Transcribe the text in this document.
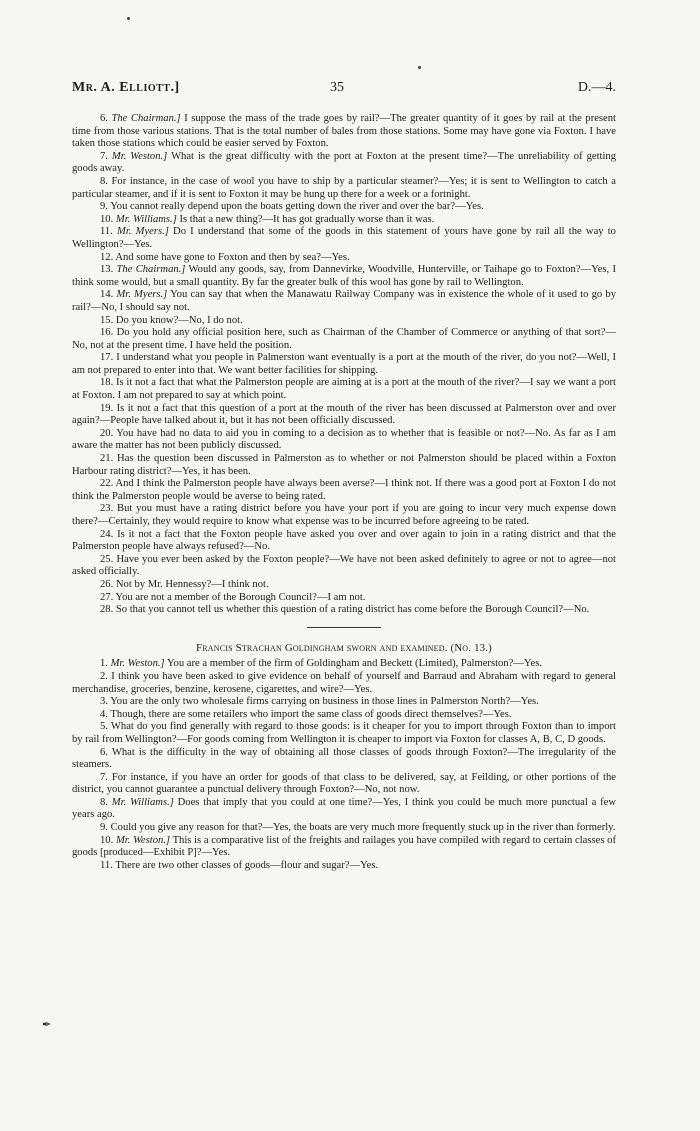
Mr. A. Elliott.]	35	D.—4.

6. The Chairman.] I suppose the mass of the trade goes by rail?—The greater quantity of it goes by rail at the present time from those various stations. That is the total number of bales from those stations. Some may have gone via Foxton. I have taken those stations which could be easier served by Foxton.

7. Mr. Weston.] What is the great difficulty with the port at Foxton at the present time?—The unreliability of getting goods away.

8. For instance, in the case of wool you have to ship by a particular steamer?—Yes; it is sent to Wellington to catch a particular steamer, and if it is sent to Foxton it may be hung up there for a week or a fortnight.

9. You cannot really depend upon the boats getting down the river and over the bar?—Yes.

10. Mr. Williams.] Is that a new thing?—It has got gradually worse than it was.

11. Mr. Myers.] Do I understand that some of the goods in this statement of yours have gone by rail all the way to Wellington?—Yes.

12. And some have gone to Foxton and then by sea?—Yes.

13. The Chairman.] Would any goods, say, from Dannevirke, Woodville, Hunterville, or Taihape go to Foxton?—Yes, I think some would, but a small quantity. By far the greater bulk of this wool has gone by rail to Wellington.

14. Mr. Myers.] You can say that when the Manawatu Railway Company was in existence the whole of it used to go by rail?—No, I should say not.

15. Do you know?—No, I do not.

16. Do you hold any official position here, such as Chairman of the Chamber of Commerce or anything of that sort?—No, not at the present time. I have held the position.

17. I understand what you people in Palmerston want eventually is a port at the mouth of the river, do you not?—Well, I am not prepared to enter into that. We want better facilities for shipping.

18. Is it not a fact that what the Palmerston people are aiming at is a port at the mouth of the river?—I say we want a port at Foxton. I am not prepared to say at which point.

19. Is it not a fact that this question of a port at the mouth of the river has been discussed at Palmerston over and over again?—People have talked about it, but it has not been officially discussed.

20. You have had no data to aid you in coming to a decision as to whether that is feasible or not?—No. As far as I am aware the matter has not been publicly discussed.

21. Has the question been discussed in Palmerston as to whether or not Palmerston should be placed within a Foxton Harbour rating district?—Yes, it has been.

22. And I think the Palmerston people have always been averse?—I think not. If there was a good port at Foxton I do not think the Palmerston people would be averse to being rated.

23. But you must have a rating district before you have your port if you are going to incur very much expense down there?—Certainly, they would require to know what expense was to be incurred before agreeing to be rated.

24. Is it not a fact that the Foxton people have asked you over and over again to join in a rating district and that the Palmerston people have always refused?—No.

25. Have you ever been asked by the Foxton people?—We have not been asked definitely to agree or not to agree—not asked officially.

26. Not by Mr. Hennessy?—I think not.

27. You are not a member of the Borough Council?—I am not.

28. So that you cannot tell us whether this question of a rating district has come before the Borough Council?—No.

Francis Strachan Goldingham sworn and examined. (No. 13.)

1. Mr. Weston.] You are a member of the firm of Goldingham and Beckett (Limited), Palmerston?—Yes.

2. I think you have been asked to give evidence on behalf of yourself and Barraud and Abraham with regard to general merchandise, groceries, benzine, kerosene, cigarettes, and wire?—Yes.

3. You are the only two wholesale firms carrying on business in those lines in Palmerston North?—Yes.

4. Though, there are some retailers who import the same class of goods direct themselves?—Yes.

5. What do you find generally with regard to those goods: is it cheaper for you to import through Foxton than to import by rail from Wellington?—For goods coming from Wellington it is cheaper to import via Foxton for classes A, B, C, D goods.

6. What is the difficulty in the way of obtaining all those classes of goods through Foxton?—The irregularity of the steamers.

7. For instance, if you have an order for goods of that class to be delivered, say, at Feilding, or other portions of the district, you cannot guarantee a punctual delivery through Foxton?—No, not now.

8. Mr. Williams.] Does that imply that you could at one time?—Yes, I think you could be much more punctual a few years ago.

9. Could you give any reason for that?—Yes, the boats are very much more frequently stuck up in the river than formerly.

10. Mr. Weston.] This is a comparative list of the freights and railages you have compiled with regard to certain classes of goods [produced—Exhibit P]?—Yes.

11. There are two other classes of goods—flour and sugar?—Yes.

✒
